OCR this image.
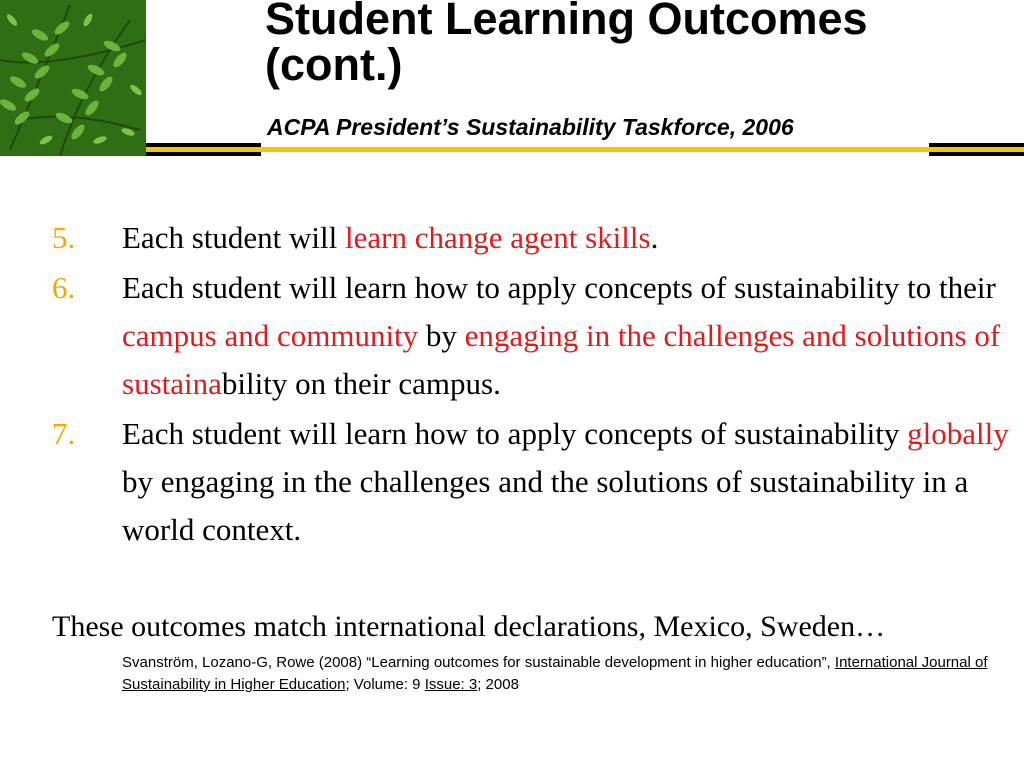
Student Learning Outcomes
(cont.)

ACPA President’s Sustainability Taskforce, 2006

5. Each student will learn change agent skills.
6. Each student will learn how to apply concepts of sustainability to their campus and community by engaging in the challenges and solutions of sustainability on their campus.
7. Each student will learn how to apply concepts of sustainability globally by engaging in the challenges and the solutions of sustainability in a world context.

These outcomes match international declarations, Mexico, Sweden…

Svanström, Lozano-G, Rowe (2008) “Learning outcomes for sustainable development in higher education”, International Journal of Sustainability in Higher Education; Volume: 9 Issue: 3; 2008
